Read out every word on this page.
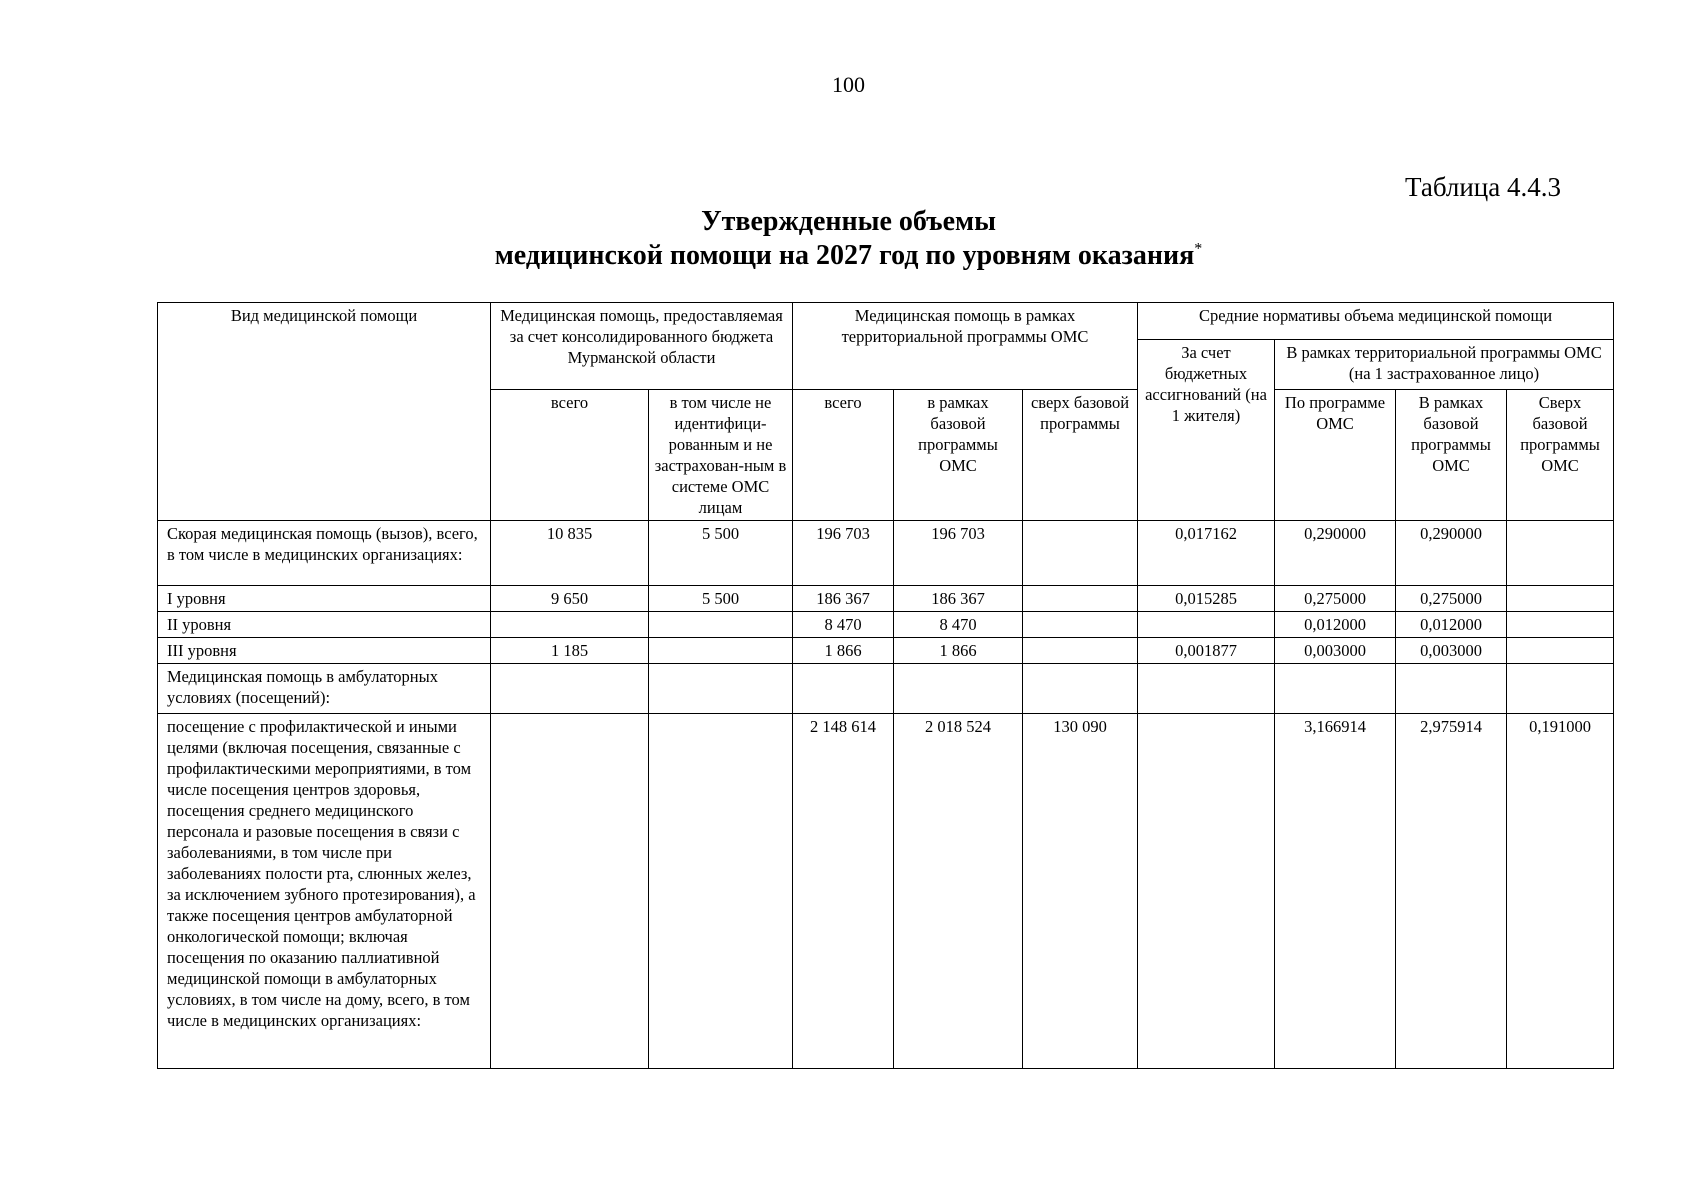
100
Таблица 4.4.3
Утвержденные объемы
медицинской помощи на 2027 год по уровням оказания*
Вид медицинской помощи	Медицинская помощь, предоставляемая за счет консолидированного бюджета Мурманской области		Медицинская помощь в рамках территориальной программы ОМС			Средние нормативы объема медицинской помощи			
						За счет бюджетных ассигнований (на 1 жителя)	В рамках территориальной программы ОМС (на 1 застрахованное лицо)		
	всего	в том числе не идентифици-рованным и не застрахован-ным в системе ОМС лицам	всего	в рамках базовой программы ОМС	сверх базовой программы		По программе ОМС	В рамках базовой программы ОМС	Сверх базовой программы ОМС
Скорая медицинская помощь (вызов), всего, в том числе в медицинских организациях:	10 835	5 500	196 703	196 703		0,017162	0,290000	0,290000	
I уровня	9 650	5 500	186 367	186 367		0,015285	0,275000	0,275000	
II уровня			8 470	8 470			0,012000	0,012000	
III уровня	1 185		1 866	1 866		0,001877	0,003000	0,003000	
Медицинская помощь в амбулаторных условиях (посещений):									
посещение с профилактической и иными целями (включая посещения, связанные с профилактическими мероприятиями, в том числе посещения центров здоровья, посещения среднего медицинского персонала и разовые посещения в связи с заболеваниями, в том числе при заболеваниях полости рта, слюнных желез, за исключением зубного протезирования), а также посещения центров амбулаторной онкологической помощи; включая посещения по оказанию паллиативной медицинской помощи в амбулаторных условиях, в том числе на дому, всего, в том числе в медицинских организациях:			2 148 614	2 018 524	130 090		3,166914	2,975914	0,191000
